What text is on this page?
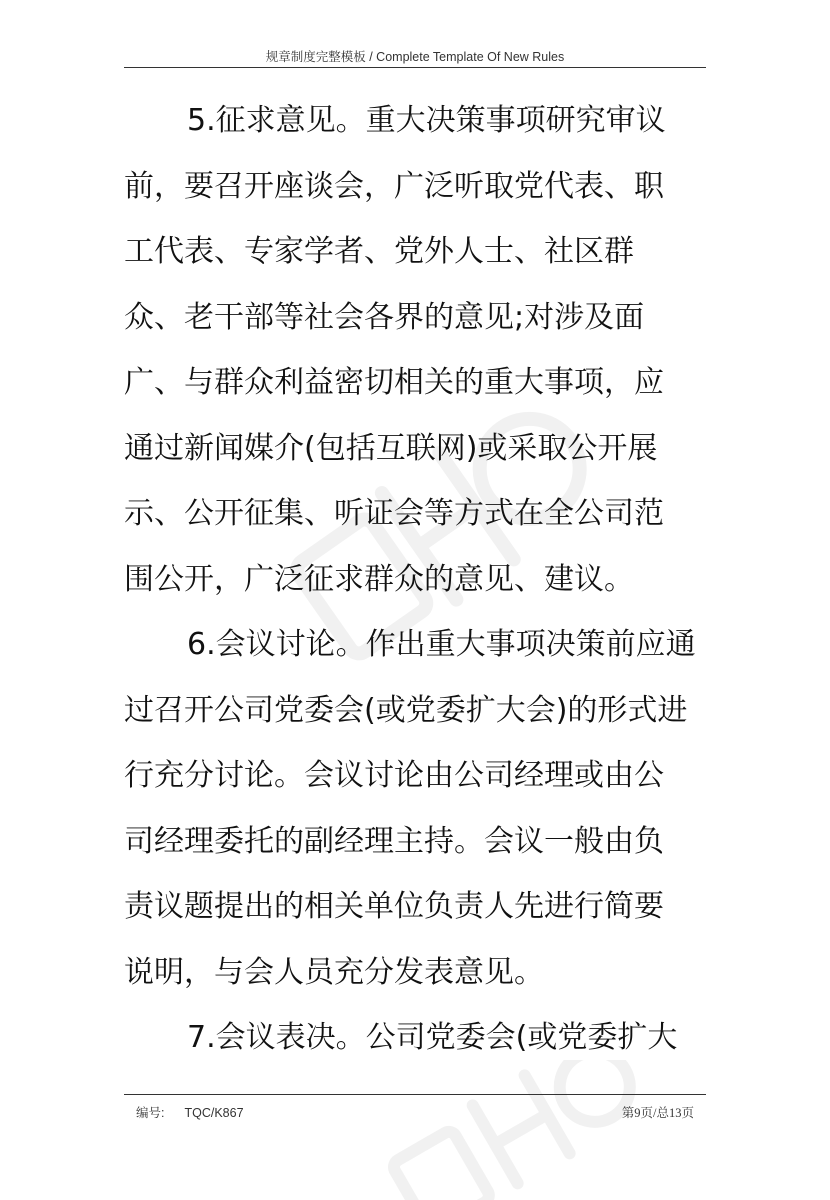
规章制度完整模板 / Complete Template Of New Rules
5.征求意见。重大决策事项研究审议
前，要召开座谈会，广泛听取党代表、职
工代表、专家学者、党外人士、社区群
众、老干部等社会各界的意见;对涉及面
广、与群众利益密切相关的重大事项，应
通过新闻媒介(包括互联网)或采取公开展
示、公开征集、听证会等方式在全公司范
围公开，广泛征求群众的意见、建议。
6.会议讨论。作出重大事项决策前应通
过召开公司党委会(或党委扩大会)的形式进
行充分讨论。会议讨论由公司经理或由公
司经理委托的副经理主持。会议一般由负
责议题提出的相关单位负责人先进行简要
说明，与会人员充分发表意见。
7.会议表决。公司党委会(或党委扩大
编号: TQC/K867	第9页/总13页
